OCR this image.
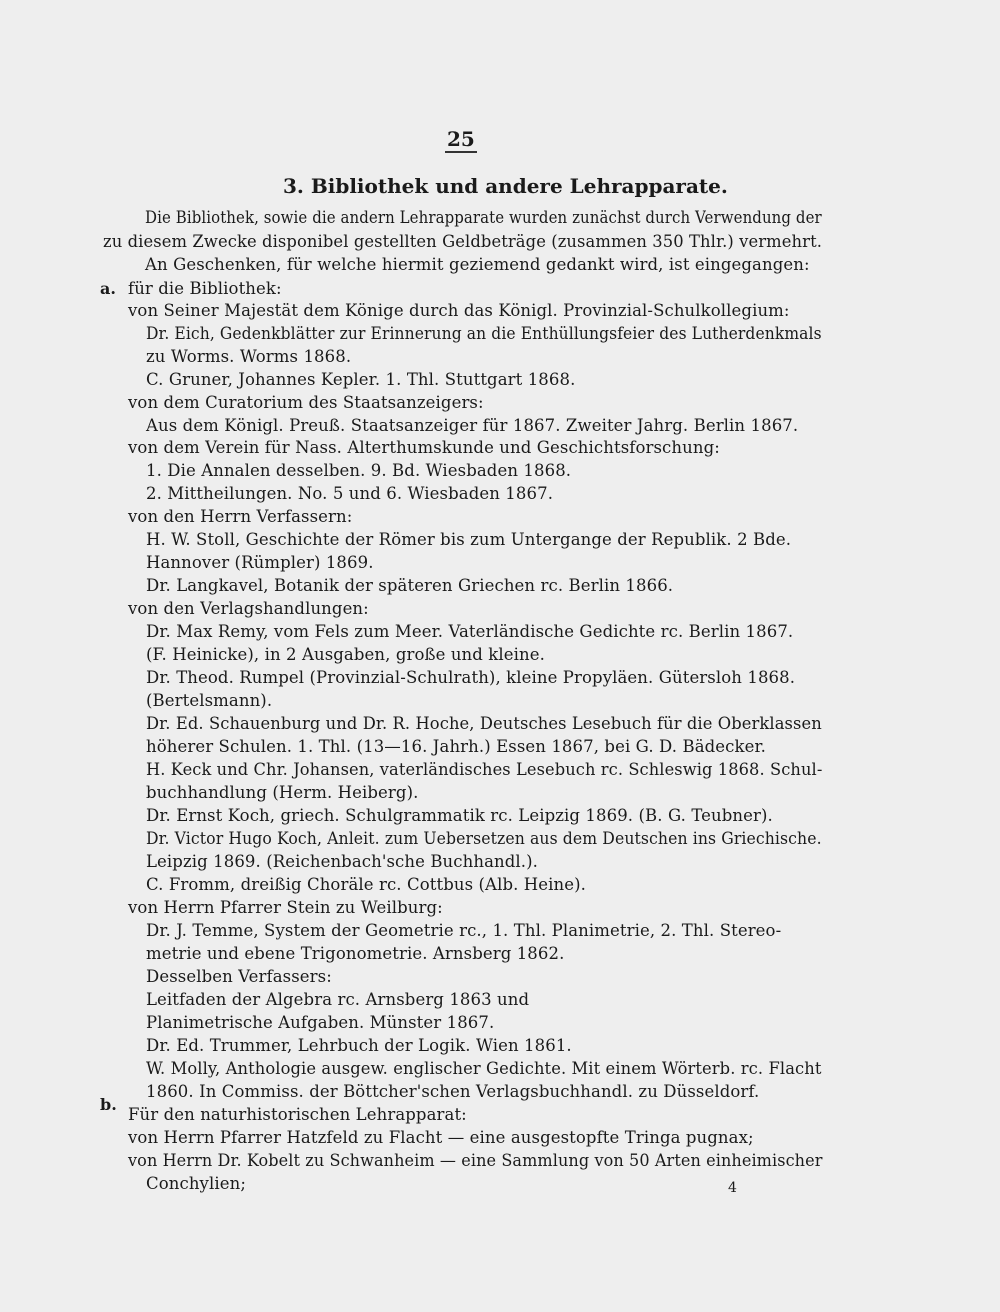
25
3. Bibliothek und andere Lehrapparate.
a.
b.
Die Bibliothek, sowie die andern Lehrapparate wurden zunächst durch Verwendung der
zu diesem Zwecke disponibel gestellten Geldbeträge (zusammen 350 Thlr.) vermehrt.
An Geschenken, für welche hiermit geziemend gedankt wird, ist eingegangen:
für die Bibliothek:
von Seiner Majestät dem Könige durch das Königl. Provinzial-Schulkollegium:
Dr. Eich, Gedenkblätter zur Erinnerung an die Enthüllungsfeier des Lutherdenkmals
zu Worms. Worms 1868.
C. Gruner, Johannes Kepler. 1. Thl. Stuttgart 1868.
von dem Curatorium des Staatsanzeigers:
Aus dem Königl. Preuß. Staatsanzeiger für 1867. Zweiter Jahrg. Berlin 1867.
von dem Verein für Nass. Alterthumskunde und Geschichtsforschung:
1. Die Annalen desselben. 9. Bd. Wiesbaden 1868.
2. Mittheilungen. No. 5 und 6. Wiesbaden 1867.
von den Herrn Verfassern:
H. W. Stoll, Geschichte der Römer bis zum Untergange der Republik. 2 Bde.
Hannover (Rümpler) 1869.
Dr. Langkavel, Botanik der späteren Griechen rc. Berlin 1866.
von den Verlagshandlungen:
Dr. Max Remy, vom Fels zum Meer. Vaterländische Gedichte rc. Berlin 1867.
(F. Heinicke), in 2 Ausgaben, große und kleine.
Dr. Theod. Rumpel (Provinzial-Schulrath), kleine Propyläen. Gütersloh 1868.
(Bertelsmann).
Dr. Ed. Schauenburg und Dr. R. Hoche, Deutsches Lesebuch für die Oberklassen
höherer Schulen. 1. Thl. (13—16. Jahrh.) Essen 1867, bei G. D. Bädecker.
H. Keck und Chr. Johansen, vaterländisches Lesebuch rc. Schleswig 1868. Schul-
buchhandlung (Herm. Heiberg).
Dr. Ernst Koch, griech. Schulgrammatik rc. Leipzig 1869. (B. G. Teubner).
Dr. Victor Hugo Koch, Anleit. zum Uebersetzen aus dem Deutschen ins Griechische.
Leipzig 1869. (Reichenbach'sche Buchhandl.).
C. Fromm, dreißig Choräle rc. Cottbus (Alb. Heine).
von Herrn Pfarrer Stein zu Weilburg:
Dr. J. Temme, System der Geometrie rc., 1. Thl. Planimetrie, 2. Thl. Stereo-
metrie und ebene Trigonometrie. Arnsberg 1862.
Desselben Verfassers:
Leitfaden der Algebra rc. Arnsberg 1863 und
Planimetrische Aufgaben. Münster 1867.
Dr. Ed. Trummer, Lehrbuch der Logik. Wien 1861.
W. Molly, Anthologie ausgew. englischer Gedichte. Mit einem Wörterb. rc. Flacht
1860. In Commiss. der Böttcher'schen Verlagsbuchhandl. zu Düsseldorf.
Für den naturhistorischen Lehrapparat:
von Herrn Pfarrer Hatzfeld zu Flacht — eine ausgestopfte Tringa pugnax;
von Herrn Dr. Kobelt zu Schwanheim — eine Sammlung von 50 Arten einheimischer
Conchylien;	4
